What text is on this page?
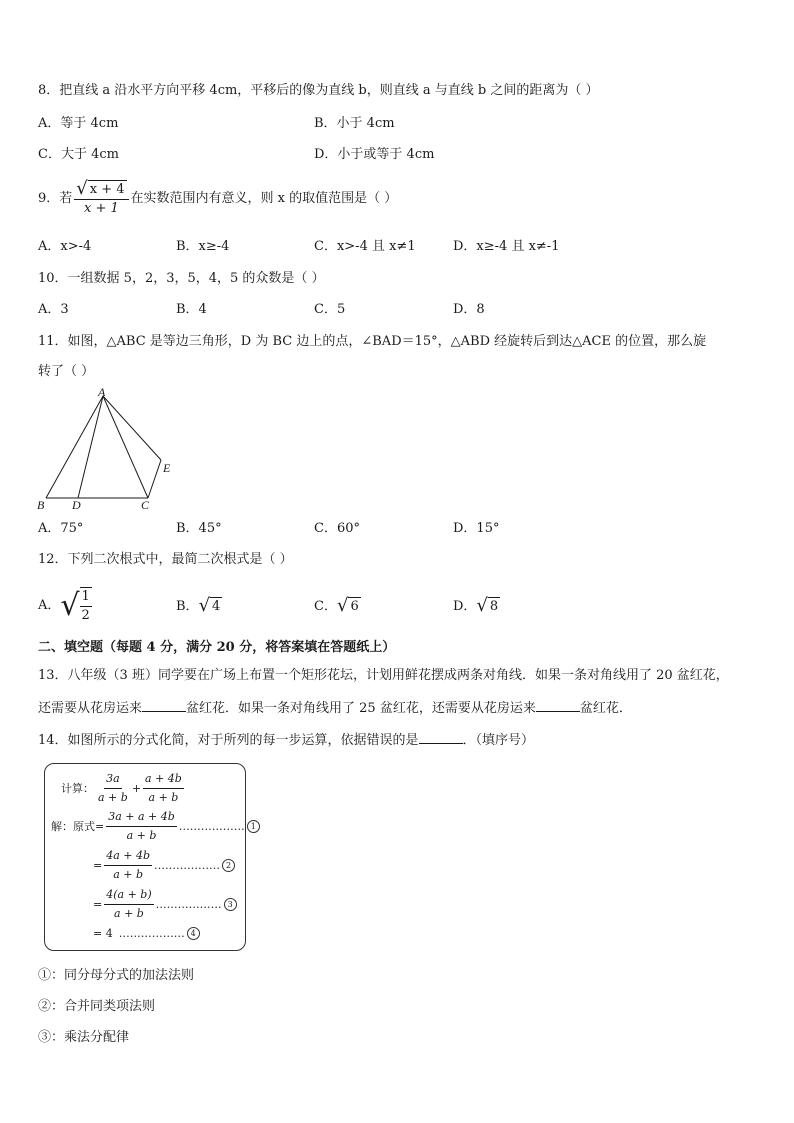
8．把直线 a 沿水平方向平移 4cm，平移后的像为直线 b，则直线 a 与直线 b 之间的距离为（ ）
A．等于 4cm	B．小于 4cm
C．大于 4cm	D．小于或等于 4cm
9．若 $\frac{√ x + 4}{x + 1}$ 在实数范围内有意义，则 x 的取值范围是（ ）
A．x>-4	B．x≥-4	C．x>-4 且 x≠1	D．x≥-4 且 x≠-1
10．一组数据 5，2，3，5，4，5 的众数是（ ）
A．3	B．4	C．5	D．8
11．如图，△ABC 是等边三角形，D 为 BC 边上的点，∠BAD＝15°，△ABD 经旋转后到达△ACE 的位置，那么旋
转了（ ）
A
B D	C
E
A．75°	B．45°	C．60°	D．15°
12．下列二次根式中，最简二次根式是（ ）
A． √ $\frac{1}{2}$	B． √ 4	C． √ 6	D． √ 8
二、填空题（每题 4 分，满分 20 分，将答案填在答题纸上）
13．八年级（3 班）同学要在广场上布置一个矩形花坛，计划用鲜花摆成两条对角线．如果一条对角线用了 20 盆红花，
还需要从花房运来	盆红花．如果一条对角线用了 25 盆红花，还需要从花房运来	盆红花．
14．如图所示的分式化简，对于所列的每一步运算，依据错误的是	．（填序号）
计算： $\frac{3a}{a + b} + \frac{a + 4b}{a + b}$
解：原式= $\frac{3a + a + 4b}{a + b}$ ……………… 1
= $\frac{4a + 4b}{a + b}$ ……………… 2
= $\frac{4(a + b)}{a + b}$ ……………… 3
= 4 ……………… 4
①：同分母分式的加法法则
②：合并同类项法则
③：乘法分配律
